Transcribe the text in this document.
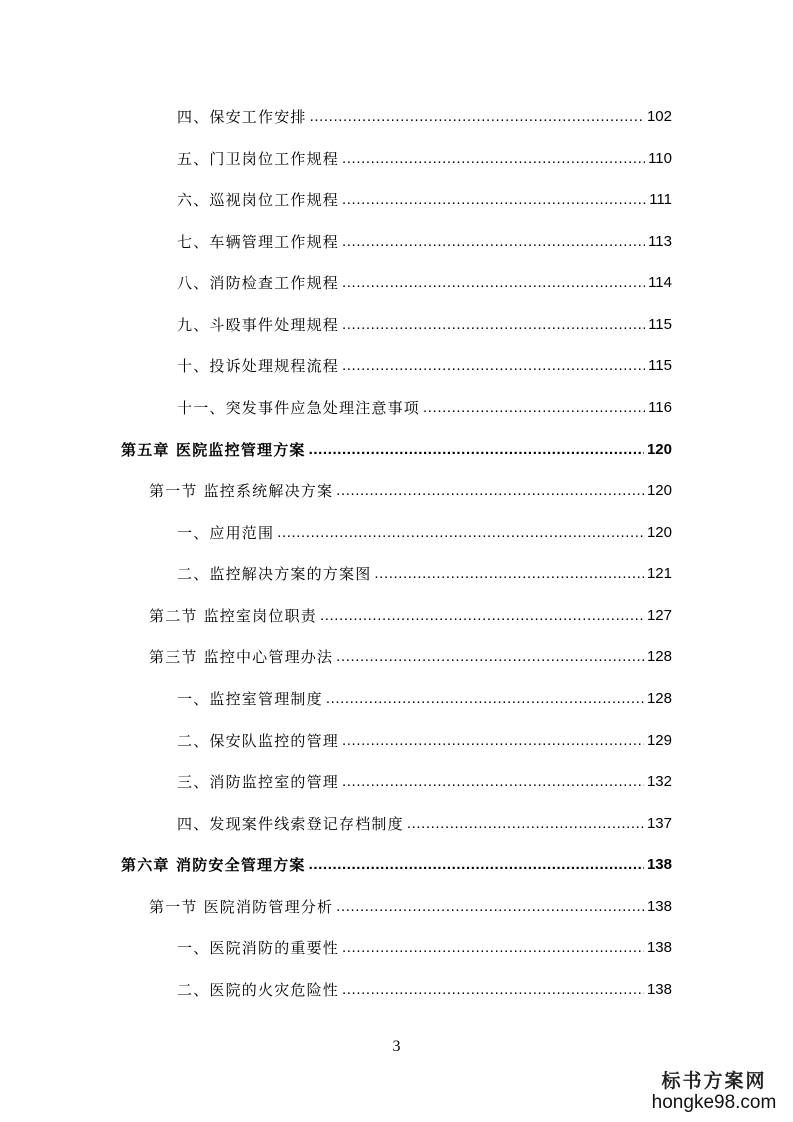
四、保安工作安排 .....	102
五、门卫岗位工作规程 .....	110
六、巡视岗位工作规程 .....	111
七、车辆管理工作规程 .....	113
八、消防检查工作规程 .....	114
九、斗殴事件处理规程 .....	115
十、投诉处理规程流程 .....	115
十一、突发事件应急处理注意事项 .....	116
第五章 医院监控管理方案 .....	120
第一节 监控系统解决方案 .....	120
一、应用范围 .....	120
二、监控解决方案的方案图 .....	121
第二节 监控室岗位职责 .....	127
第三节 监控中心管理办法 .....	128
一、监控室管理制度 .....	128
二、保安队监控的管理 .....	129
三、消防监控室的管理 .....	132
四、发现案件线索登记存档制度 .....	137
第六章 消防安全管理方案 .....	138
第一节 医院消防管理分析 .....	138
一、医院消防的重要性 .....	138
二、医院的火灾危险性 .....	138
3
标书方案网
hongke98.com
